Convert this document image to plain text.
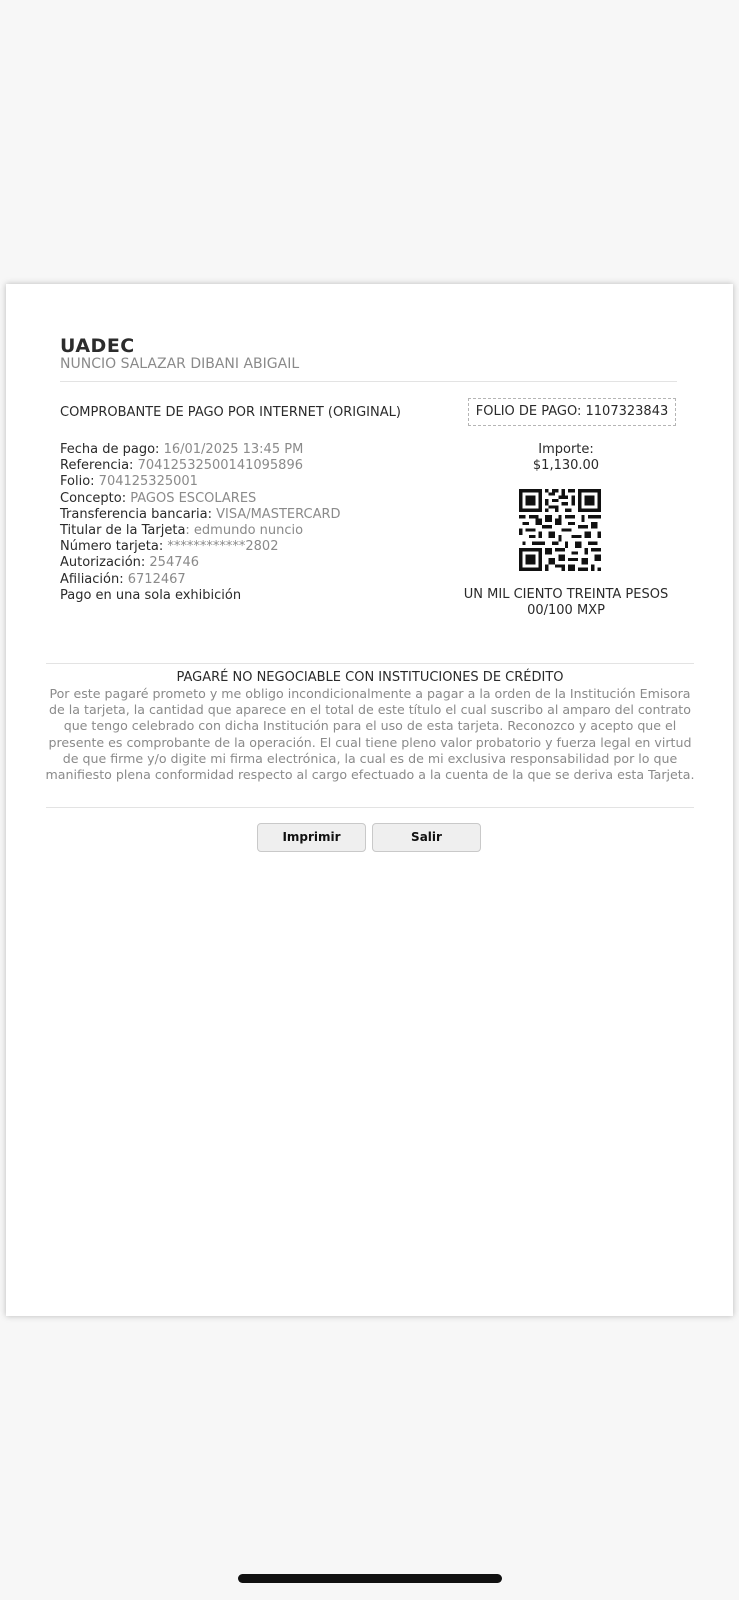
UADEC
NUNCIO SALAZAR DIBANI ABIGAIL
COMPROBANTE DE PAGO POR INTERNET (ORIGINAL)	FOLIO DE PAGO: 1107323843
Fecha de pago: 16/01/2025 13:45 PM
Referencia: 70412532500141095896
Folio: 704125325001
Concepto: PAGOS ESCOLARES
Transferencia bancaria: VISA/MASTERCARD
Titular de la Tarjeta: edmundo nuncio
Número tarjeta: ************2802
Autorización: 254746
Afiliación: 6712467
Pago en una sola exhibición
Importe:
$1,130.00
UN MIL CIENTO TREINTA PESOS
00/100 MXP
PAGARÉ NO NEGOCIABLE CON INSTITUCIONES DE CRÉDITO
Por este pagaré prometo y me obligo incondicionalmente a pagar a la orden de la Institución Emisora de la tarjeta, la cantidad que aparece en el total de este título el cual suscribo al amparo del contrato que tengo celebrado con dicha Institución para el uso de esta tarjeta. Reconozco y acepto que el presente es comprobante de la operación. El cual tiene pleno valor probatorio y fuerza legal en virtud de que firme y/o digite mi firma electrónica, la cual es de mi exclusiva responsabilidad por lo que manifiesto plena conformidad respecto al cargo efectuado a la cuenta de la que se deriva esta Tarjeta.
Imprimir	Salir
